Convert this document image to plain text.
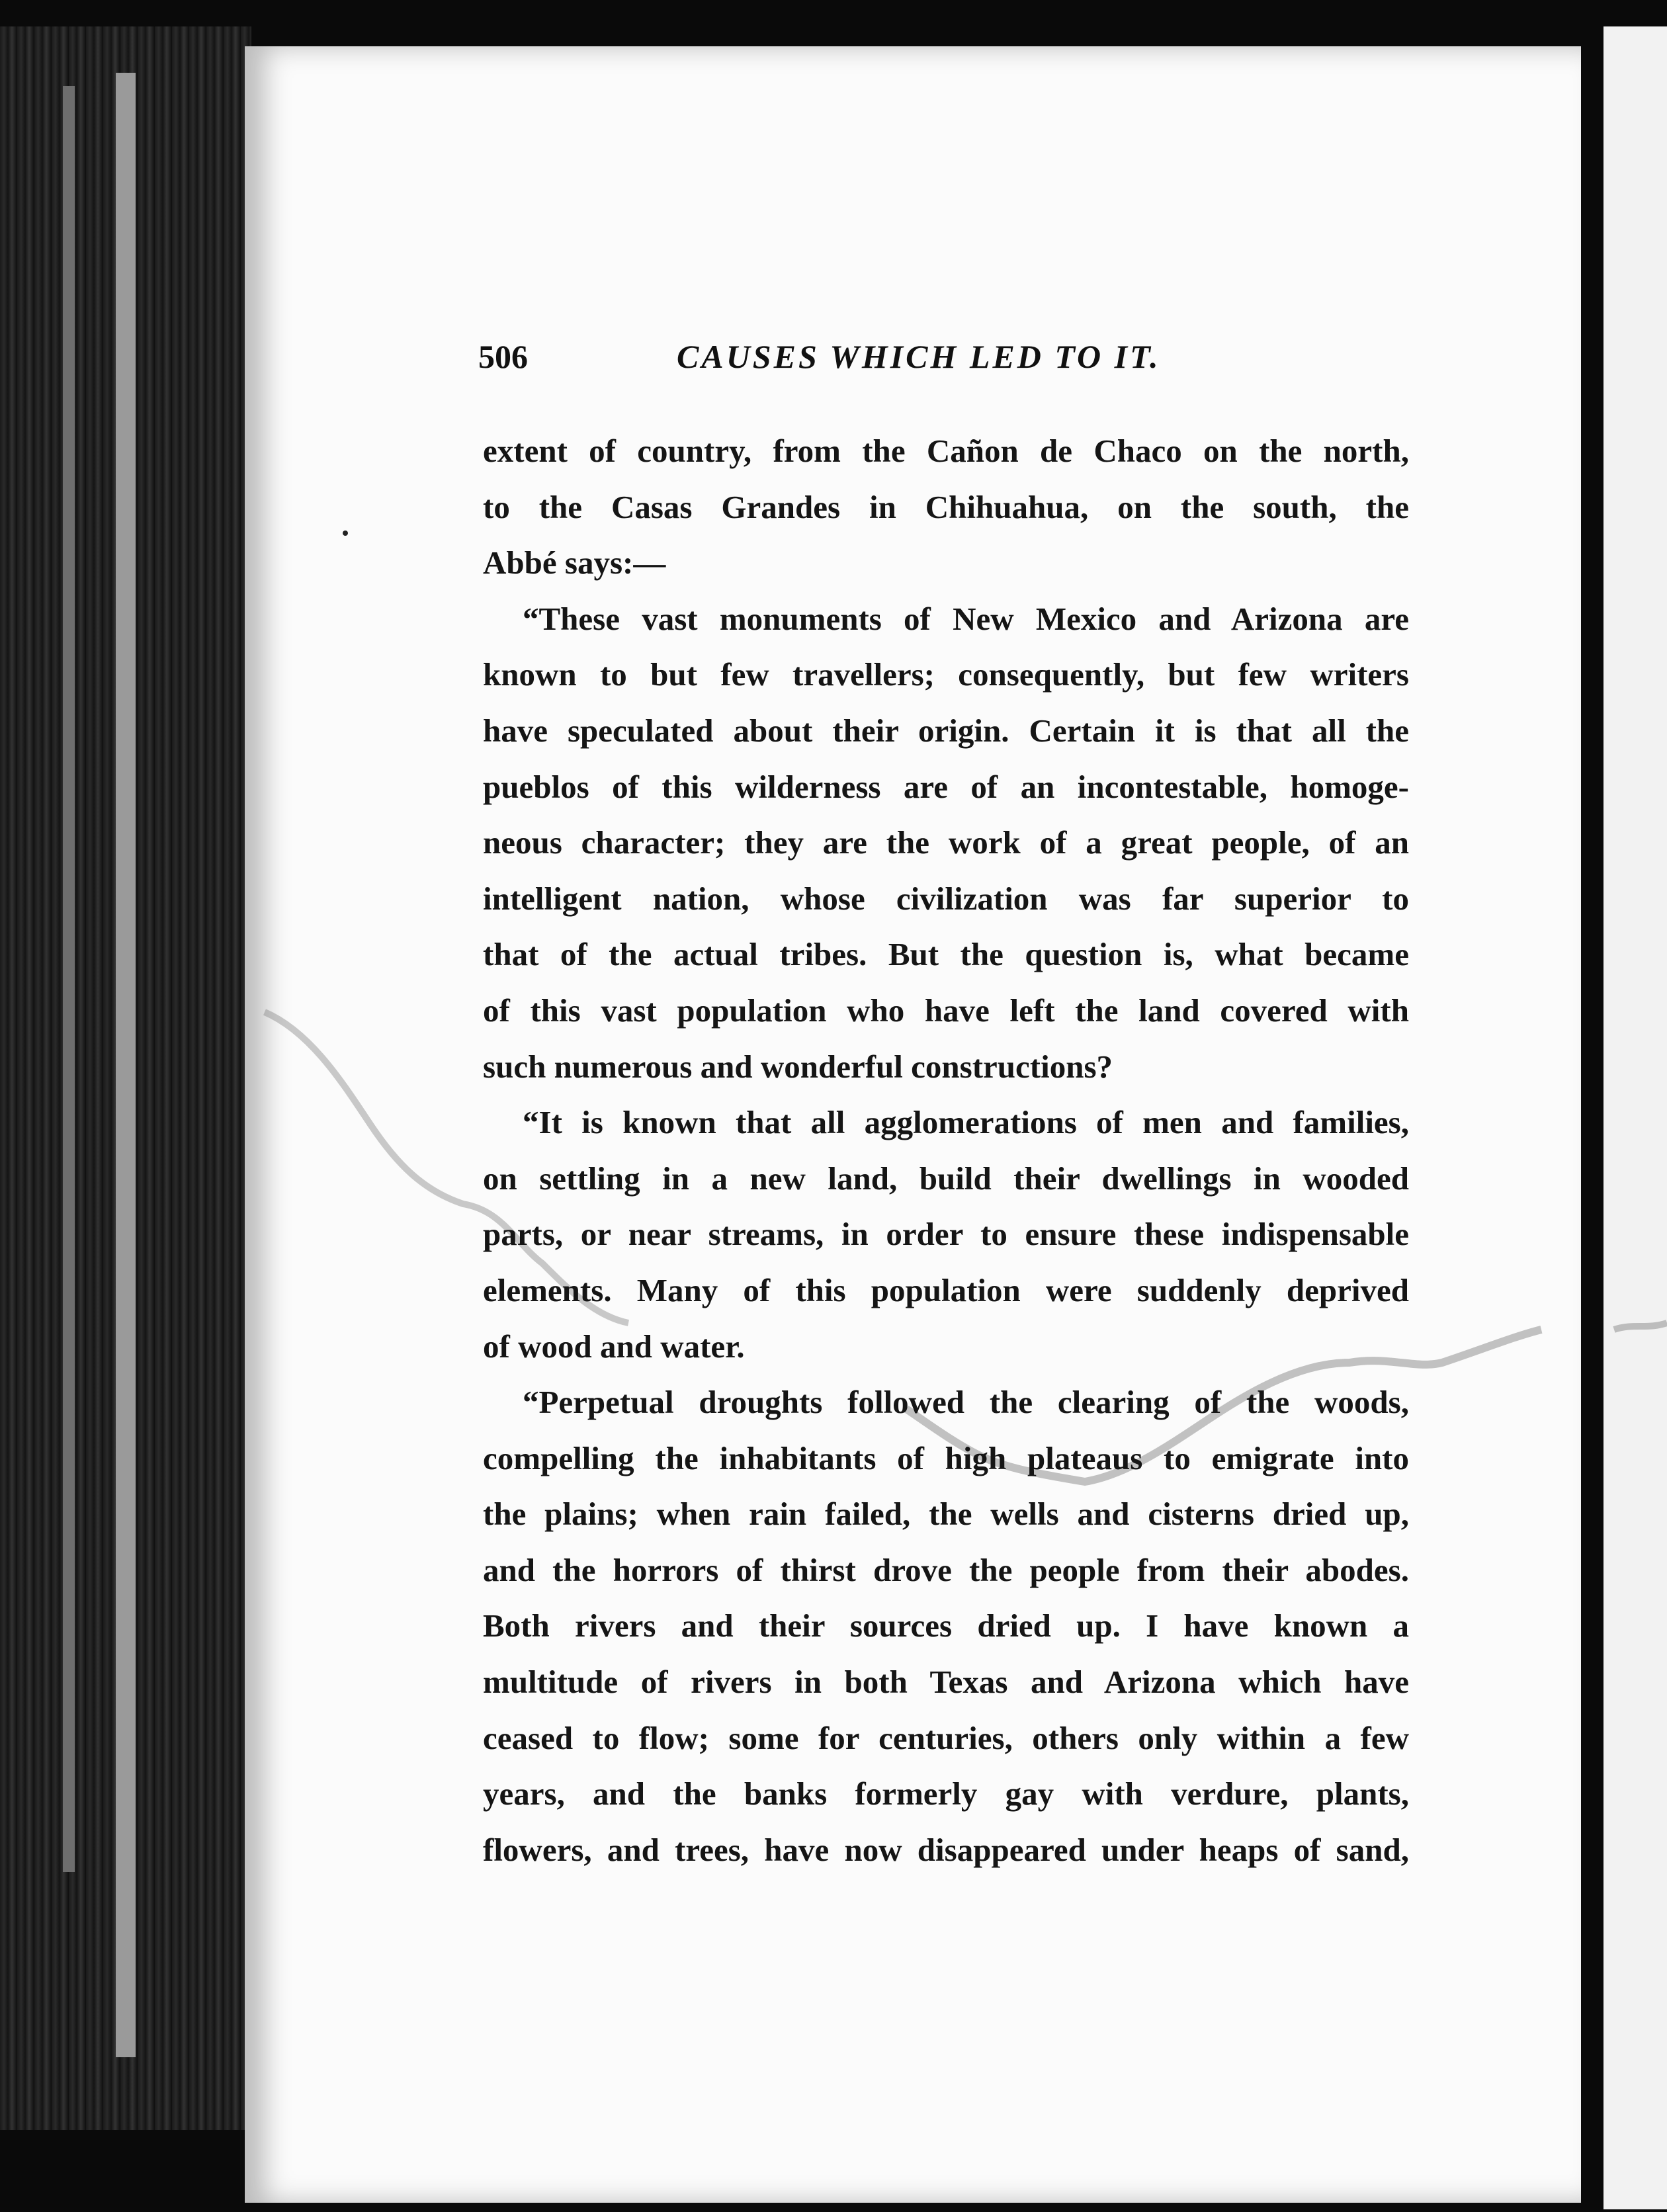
506	CAUSES WHICH LED TO IT.
extent of country, from the Cañon de Chaco on the north,
to the Casas Grandes in Chihuahua, on the south, the
Abbé says:—
“These vast monuments of New Mexico and Arizona are
known to but few travellers; consequently, but few writers
have speculated about their origin. Certain it is that all the
pueblos of this wilderness are of an incontestable, homoge-
neous character; they are the work of a great people, of an
intelligent nation, whose civilization was far superior to
that of the actual tribes. But the question is, what became
of this vast population who have left the land covered with
such numerous and wonderful constructions?
“It is known that all agglomerations of men and families,
on settling in a new land, build their dwellings in wooded
parts, or near streams, in order to ensure these indispensable
elements. Many of this population were suddenly deprived
of wood and water.
“Perpetual droughts followed the clearing of the woods,
compelling the inhabitants of high plateaus to emigrate into
the plains; when rain failed, the wells and cisterns dried up,
and the horrors of thirst drove the people from their abodes.
Both rivers and their sources dried up. I have known a
multitude of rivers in both Texas and Arizona which have
ceased to flow; some for centuries, others only within a few
years, and the banks formerly gay with verdure, plants,
flowers, and trees, have now disappeared under heaps of sand,
